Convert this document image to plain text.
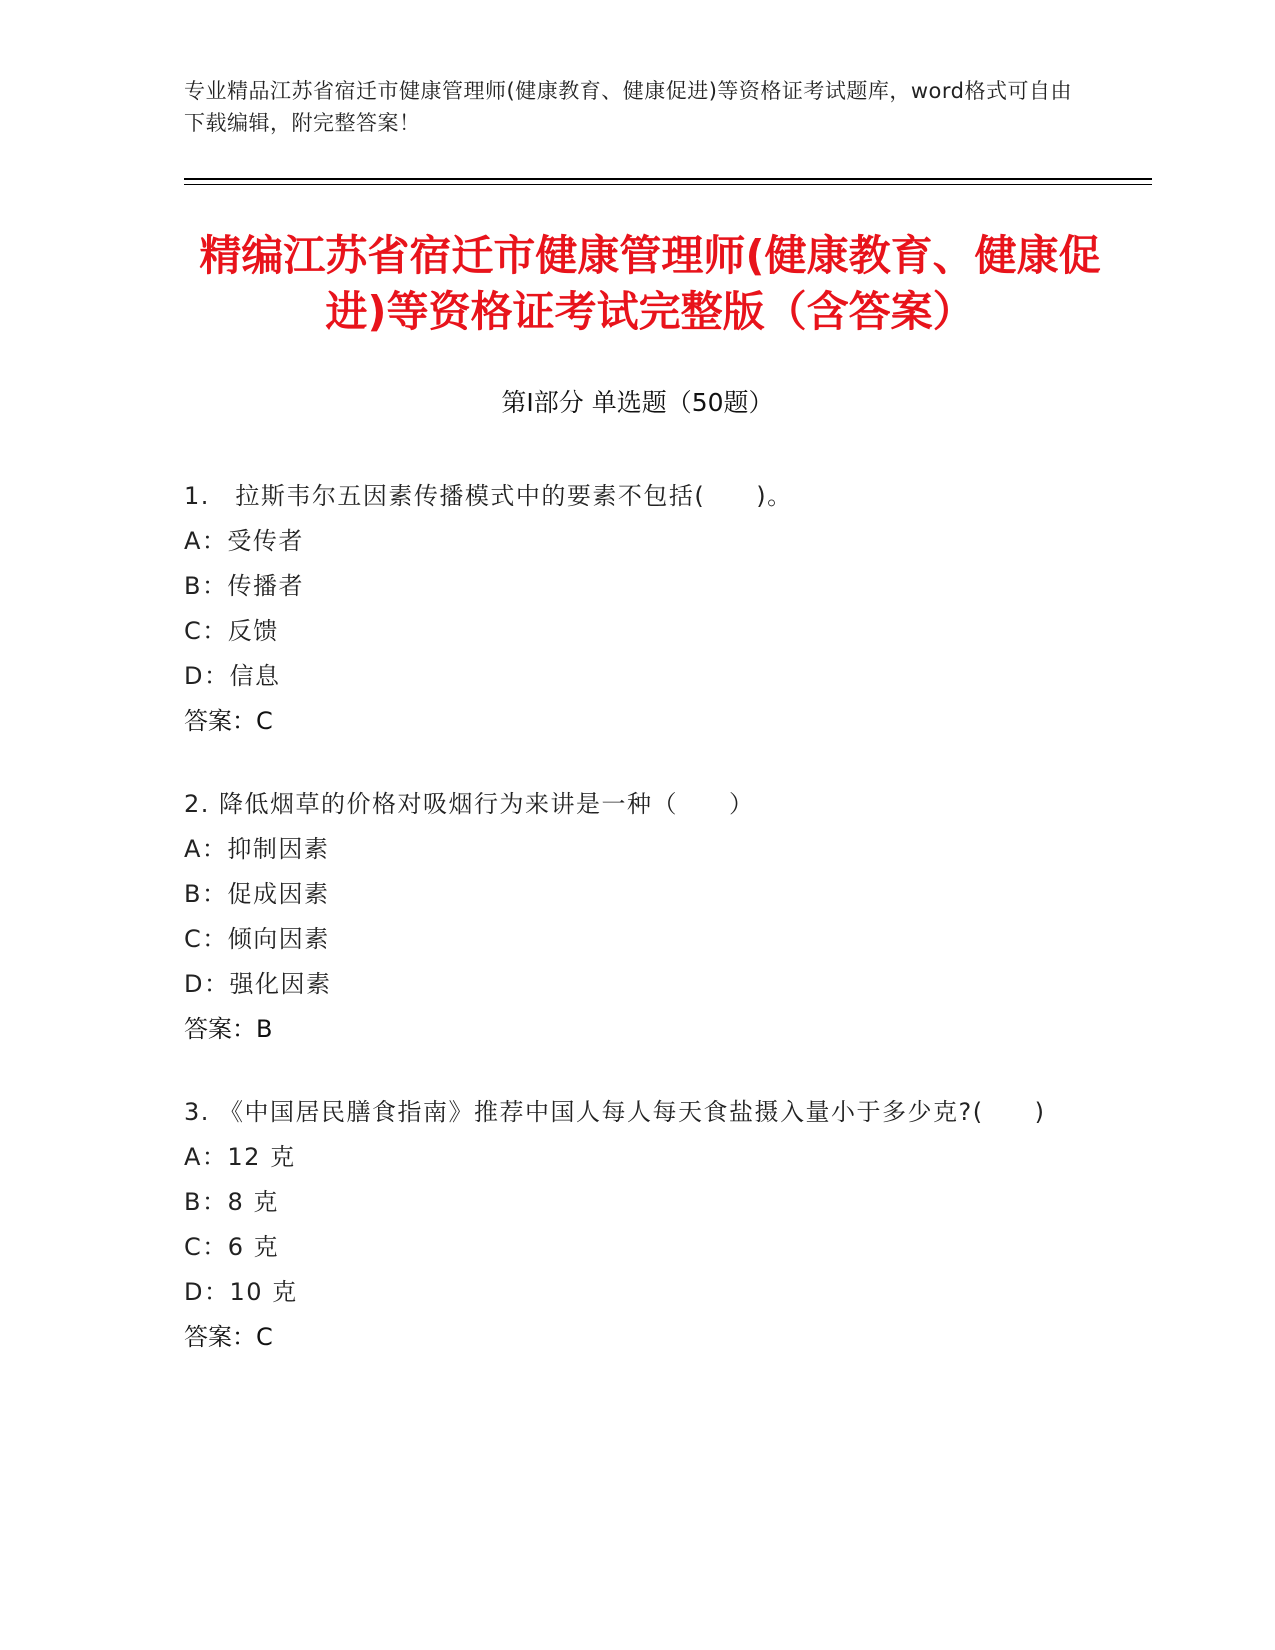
专业精品江苏省宿迁市健康管理师(健康教育、健康促进)等资格证考试题库，word格式可自由下载编辑，附完整答案！
精编江苏省宿迁市健康管理师(健康教育、健康促进)等资格证考试完整版（含答案）
第Ⅰ部分 单选题（50题）

1.　拉斯韦尔五因素传播模式中的要素不包括(　　)。

A：受传者

B：传播者

C：反馈

D：信息

答案：C

2. 降低烟草的价格对吸烟行为来讲是一种（　　）

A：抑制因素

B：促成因素

C：倾向因素

D：强化因素

答案：B

3. 《中国居民膳食指南》推荐中国人每人每天食盐摄入量小于多少克?(　　)

A：12 克

B：8 克

C：6 克

D：10 克

答案：C
